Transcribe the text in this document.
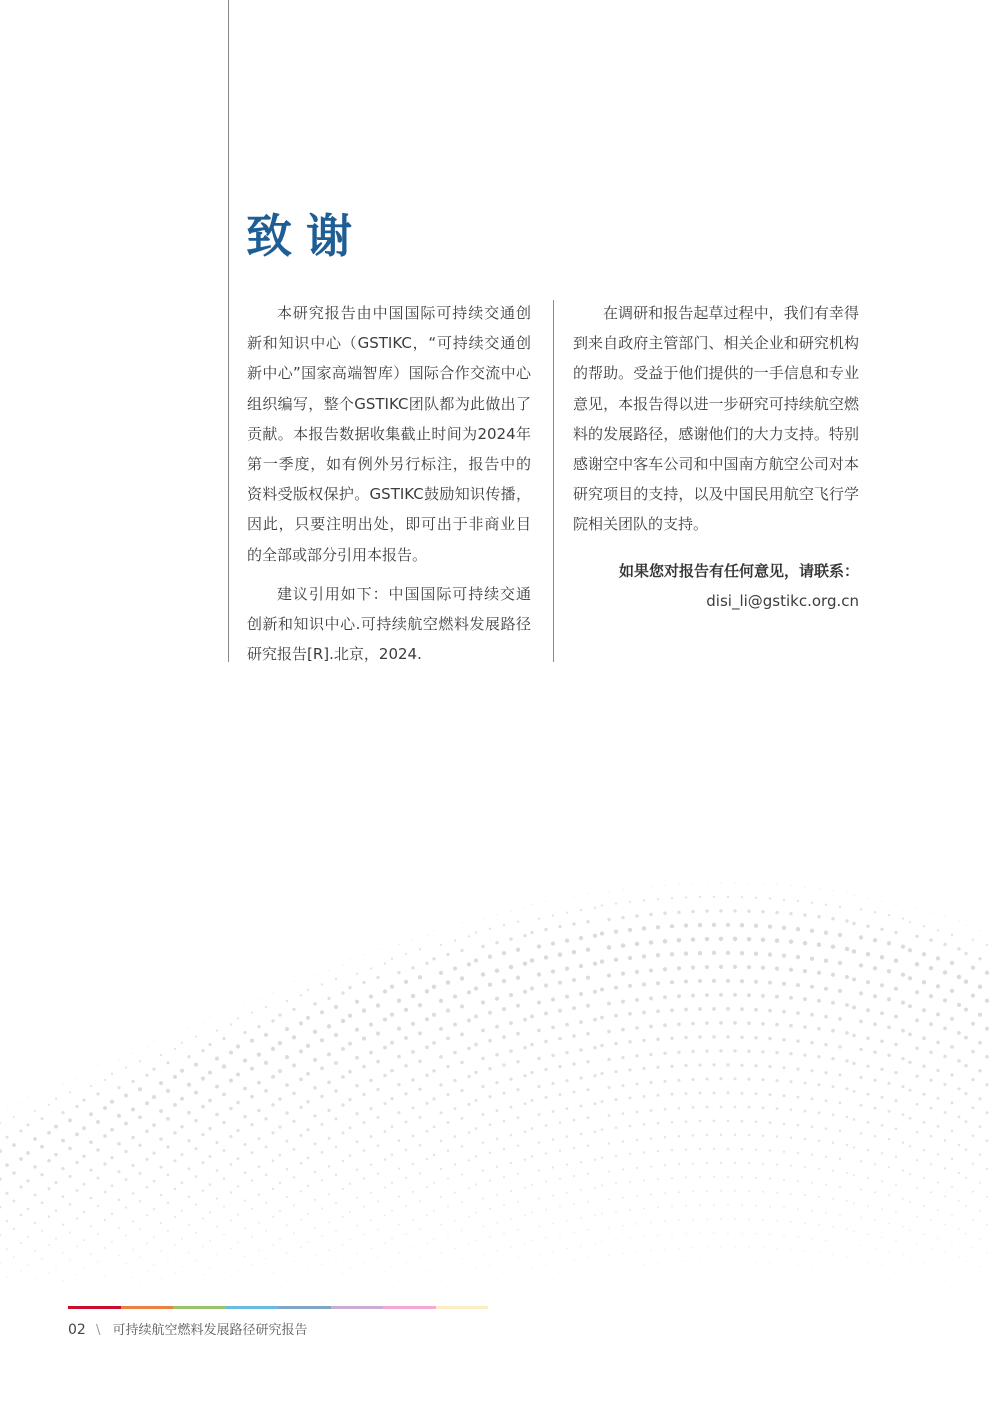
致谢

本研究报告由中国国际可持续交通创新和知识中心（GSTIKC，“可持续交通创新中心”国家高端智库）国际合作交流中心组织编写，整个GSTIKC团队都为此做出了贡献。本报告数据收集截止时间为2024年第一季度，如有例外另行标注，报告中的资料受版权保护。GSTIKC鼓励知识传播，因此，只要注明出处，即可出于非商业目的全部或部分引用本报告。

建议引用如下：中国国际可持续交通创新和知识中心.可持续航空燃料发展路径研究报告[R].北京，2024.

在调研和报告起草过程中，我们有幸得到来自政府主管部门、相关企业和研究机构的帮助。受益于他们提供的一手信息和专业意见，本报告得以进一步研究可持续航空燃料的发展路径，感谢他们的大力支持。特别感谢空中客车公司和中国南方航空公司对本研究项目的支持，以及中国民用航空飞行学院相关团队的支持。

如果您对报告有任何意见，请联系：
disi_li@gstikc.org.cn
02 \ 可持续航空燃料发展路径研究报告
